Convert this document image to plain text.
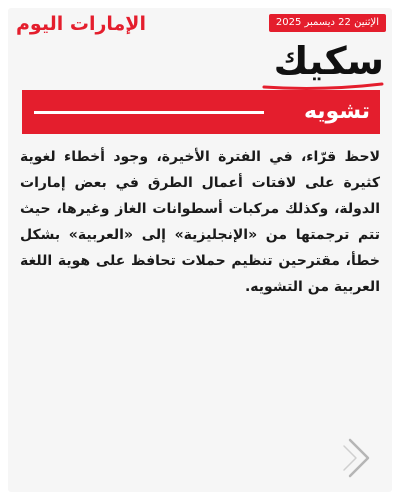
الإثنين 22 ديسمبر 2025
الإمارات اليوم
سكيك
تشويه
لاحظ قرّاء، في الفترة الأخيرة، وجود أخطاء لغوية كثيرة على لافتات أعمال الطرق في بعض إمارات الدولة، وكذلك مركبات أسطوانات الغاز وغيرها، حيث تتم ترجمتها من «الإنجليزية» إلى «العربية» بشكل خطأ، مقترحين تنظيم حملات تحافظ على هوية اللغة العربية من التشويه.
